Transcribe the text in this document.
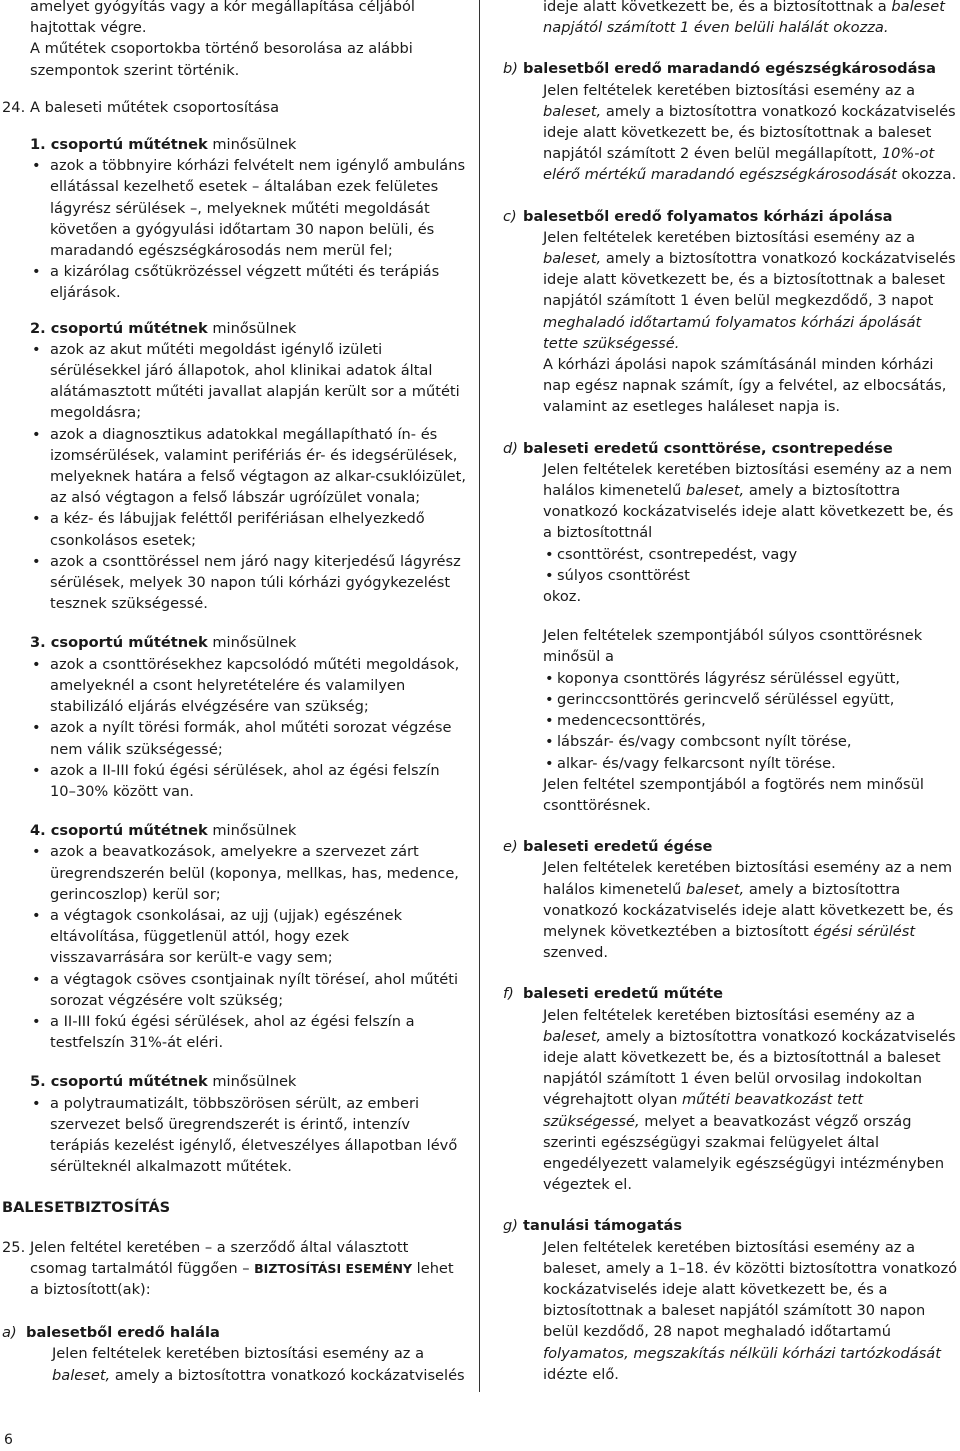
amelyet gyógyítás vagy a kór megállapítása céljából hajtottak végre.

A műtétek csoportokba történő besorolása az alábbi szempontok szerint történik.

24. A baleseti műtétek csoportosítása

1. csoportú műtétnek minősülnek

• azok a többnyire kórházi felvételt nem igénylő ambuláns ellátással kezelhető esetek – általában ezek felületes lágyrész sérülések –, melyeknek műtéti megoldását követően a gyógyulási időtartam 30 napon belüli, és maradandó egészségkárosodás nem merül fel;

• a kizárólag csőtükrözéssel végzett műtéti és terápiás eljárások.

2. csoportú műtétnek minősülnek

• azok az akut műtéti megoldást igénylő izületi sérülésekkel járó állapotok, ahol klinikai adatok által alátámasztott műtéti javallat alapján került sor a műtéti megoldásra;

• azok a diagnosztikus adatokkal megállapítható ín- és izomsérülések, valamint perifériás ér- és idegsérülések, melyeknek határa a felső végtagon az alkar-csuklóizület, az alsó végtagon a felső lábszár ugróízület vonala;

• a kéz- és lábujjak feléttől perifériásan elhelyezkedő csonkolásos esetek;

• azok a csonttöréssel nem járó nagy kiterjedésű lágyrész sérülések, melyek 30 napon túli kórházi gyógykezelést tesznek szükségessé.

3. csoportú műtétnek minősülnek

• azok a csonttörésekhez kapcsolódó műtéti megoldások, amelyeknél a csont helyretételére és valamilyen stabilizáló eljárás elvégzésére van szükség;

• azok a nyílt törési formák, ahol műtéti sorozat végzése nem válik szükségessé;

• azok a II-III fokú égési sérülések, ahol az égési felszín 10–30% között van.

4. csoportú műtétnek minősülnek

• azok a beavatkozások, amelyekre a szervezet zárt üregrendszerén belül (koponya, mellkas, has, medence, gerincoszlop) kerül sor;

• a végtagok csonkolásai, az ujj (ujjak) egészének eltávolítása, függetlenül attól, hogy ezek visszavarrására sor került-e vagy sem;

• a végtagok csöves csontjainak nyílt töréseí, ahol műtéti sorozat végzésére volt szükség;

• a II-III fokú égési sérülések, ahol az égési felszín a testfelszín 31%-át eléri.

5. csoportú műtétnek minősülnek

• a polytraumatizált, többszörösen sérült, az emberi szervezet belső üregrendszerét is érintő, intenzív terápiás kezelést igénylő, életveszélyes állapotban lévő sérülteknél alkalmazott műtétek.

BALESETBIZTOSÍTÁS

25. Jelen feltétel keretében – a szerződő által választott csomag tartalmától függően – BIZTOSÍTÁSI ESEMÉNY lehet a biztosított(ak):

a) balesetből eredő halála

Jelen feltételek keretében biztosítási esemény az a baleset, amely a biztosítottra vonatkozó kockázatviselés

ideje alatt következett be, és a biztosítottnak a baleset napjától számított 1 éven belüli halálát okozza.

b) balesetből eredő maradandó egészségkárosodása

Jelen feltételek keretében biztosítási esemény az a baleset, amely a biztosítottra vonatkozó kockázatviselés ideje alatt következett be, és biztosítottnak a baleset napjától számított 2 éven belül megállapított, 10%-ot elérő mértékű maradandó egészségkárosodását okozza.

c) balesetből eredő folyamatos kórházi ápolása

Jelen feltételek keretében biztosítási esemény az a baleset, amely a biztosítottra vonatkozó kockázatviselés ideje alatt következett be, és a biztosítottnak a baleset napjától számított 1 éven belül megkezdődő, 3 napot meghaladó időtartamú folyamatos kórházi ápolását tette szükségessé.

A kórházi ápolási napok számításánál minden kórházi nap egész napnak számít, így a felvétel, az elbocsátás, valamint az esetleges haláleset napja is.

d) baleseti eredetű csonttörése, csontrepedése

Jelen feltételek keretében biztosítási esemény az a nem halálos kimenetelű baleset, amely a biztosítottra vonatkozó kockázatviselés ideje alatt következett be, és a biztosítottnál

• csonttörést, csontrepedést, vagy

• súlyos csonttörést

okoz.

Jelen feltételek szempontjából súlyos csonttörésnek minősül a

• koponya csonttörés lágyrész sérüléssel együtt,

• gerinccsonttörés gerincvelő sérüléssel együtt,

• medencecsonttörés,

• lábszár- és/vagy combcsont nyílt törése,

• alkar- és/vagy felkarcsont nyílt törése.

Jelen feltétel szempontjából a fogtörés nem minősül csonttörésnek.

e) baleseti eredetű égése

Jelen feltételek keretében biztosítási esemény az a nem halálos kimenetelű baleset, amely a biztosítottra vonatkozó kockázatviselés ideje alatt következett be, és melynek következtében a biztosított égési sérülést szenved.

f) baleseti eredetű műtéte

Jelen feltételek keretében biztosítási esemény az a baleset, amely a biztosítottra vonatkozó kockázatviselés ideje alatt következett be, és a biztosítottnál a baleset napjától számított 1 éven belül orvosilag indokoltan végrehajtott olyan műtéti beavatkozást tett szükségessé, melyet a beavatkozást végző ország szerinti egészségügyi szakmai felügyelet által engedélyezett valamelyik egészségügyi intézményben végeztek el.

g) tanulási támogatás

Jelen feltételek keretében biztosítási esemény az a baleset, amely a 1–18. év közötti biztosítottra vonatkozó kockázatviselés ideje alatt következett be, és a biztosítottnak a baleset napjától számított 30 napon belül kezdődő, 28 napot meghaladó időtartamú folyamatos, megszakítás nélküli kórházi tartózkodását idézte elő.

6
